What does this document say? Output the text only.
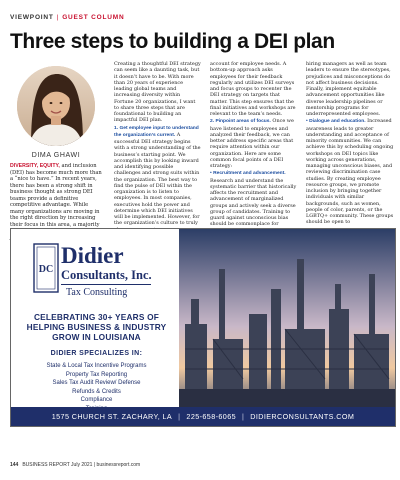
VIEWPOINT | GUEST COLUMN
Three steps to building a DEI plan
DIMA GHAWI

DIVERSITY, EQUITY, and inclusion (DEI) has become much more than a “nice to have.” In recent years, there has been a strong shift in business thought as strong DEI teams provide a definitive competitive advantage. While many organizations are moving in the right direction by increasing their focus in this area, a majority

Creating a thoughtful DEI strategy can seem like a daunting task, but it doesn’t have to be. With more than 20 years of experience leading global teams and increasing diversity within Fortune 20 organizations, I want to share three steps that are foundational to building an impactful DEI plan.

1. Get employee input to understand the organization’s current. A successful DEI strategy begins with a strong understanding of the business’s starting point. We accomplish this by looking inward and identifying possible challenges and strong suits within the organization. The best way to find the pulse of DEI within the organization is to listen to employees. In most companies, executives hold the power and determine which DEI initiatives will be implemented. However, for the organization’s culture to truly

account for employee needs. A bottom-up approach asks employees for their feedback regularly and utilizes DEI surveys and focus groups to recenter the DEI strategy on targets that matter. This step ensures that the final initiatives and workshops are relevant to the team’s needs.

2. Pinpoint areas of focus. Once we have listened to employees and analyzed their feedback, we can better address specific areas that require attention within our organization. Here are some common focal points of a DEI strategy:

• Recruitment and advancement. Research and understand the systematic barrier that historically affects the recruitment and advancement of marginalized groups and actively seek a diverse group of candidates. Training to guard against unconscious bias should be commonplace for

hiring managers as well as team leaders to ensure the stereotypes, prejudices and misconceptions do not affect business decisions. Finally, implement equitable advancement opportunities like diverse leadership pipelines or mentorship programs for underrepresented employees.

• Dialogue and education. Increased awareness leads to greater understanding and acceptance of minority communities. We can achieve this by scheduling ongoing workshops on DEI topics like working across generations, managing unconscious biases, and reviewing discrimination case studies. By creating employee resource groups, we promote inclusion by bringing together individuals with similar backgrounds, such as women, people of color, parents, or the LGBTQ+ community. These groups should be open to

DC
Didier
Consultants, Inc.
Tax Consulting
CELEBRATING 30+ YEARS OF
HELPING BUSINESS & INDUSTRY
GROW IN LOUISIANA
DIDIER SPECIALIZES IN:
State & Local Tax Incentive Programs
Property Tax Reporting
Sales Tax Audit Review/ Defense
Refunds & Credits
Compliance
1575 CHURCH ST. ZACHARY, LA | 225-658-6065 | DIDIERCONSULTANTS.COM
144 BUSINESS REPORT July 2021 | businessreport.com
